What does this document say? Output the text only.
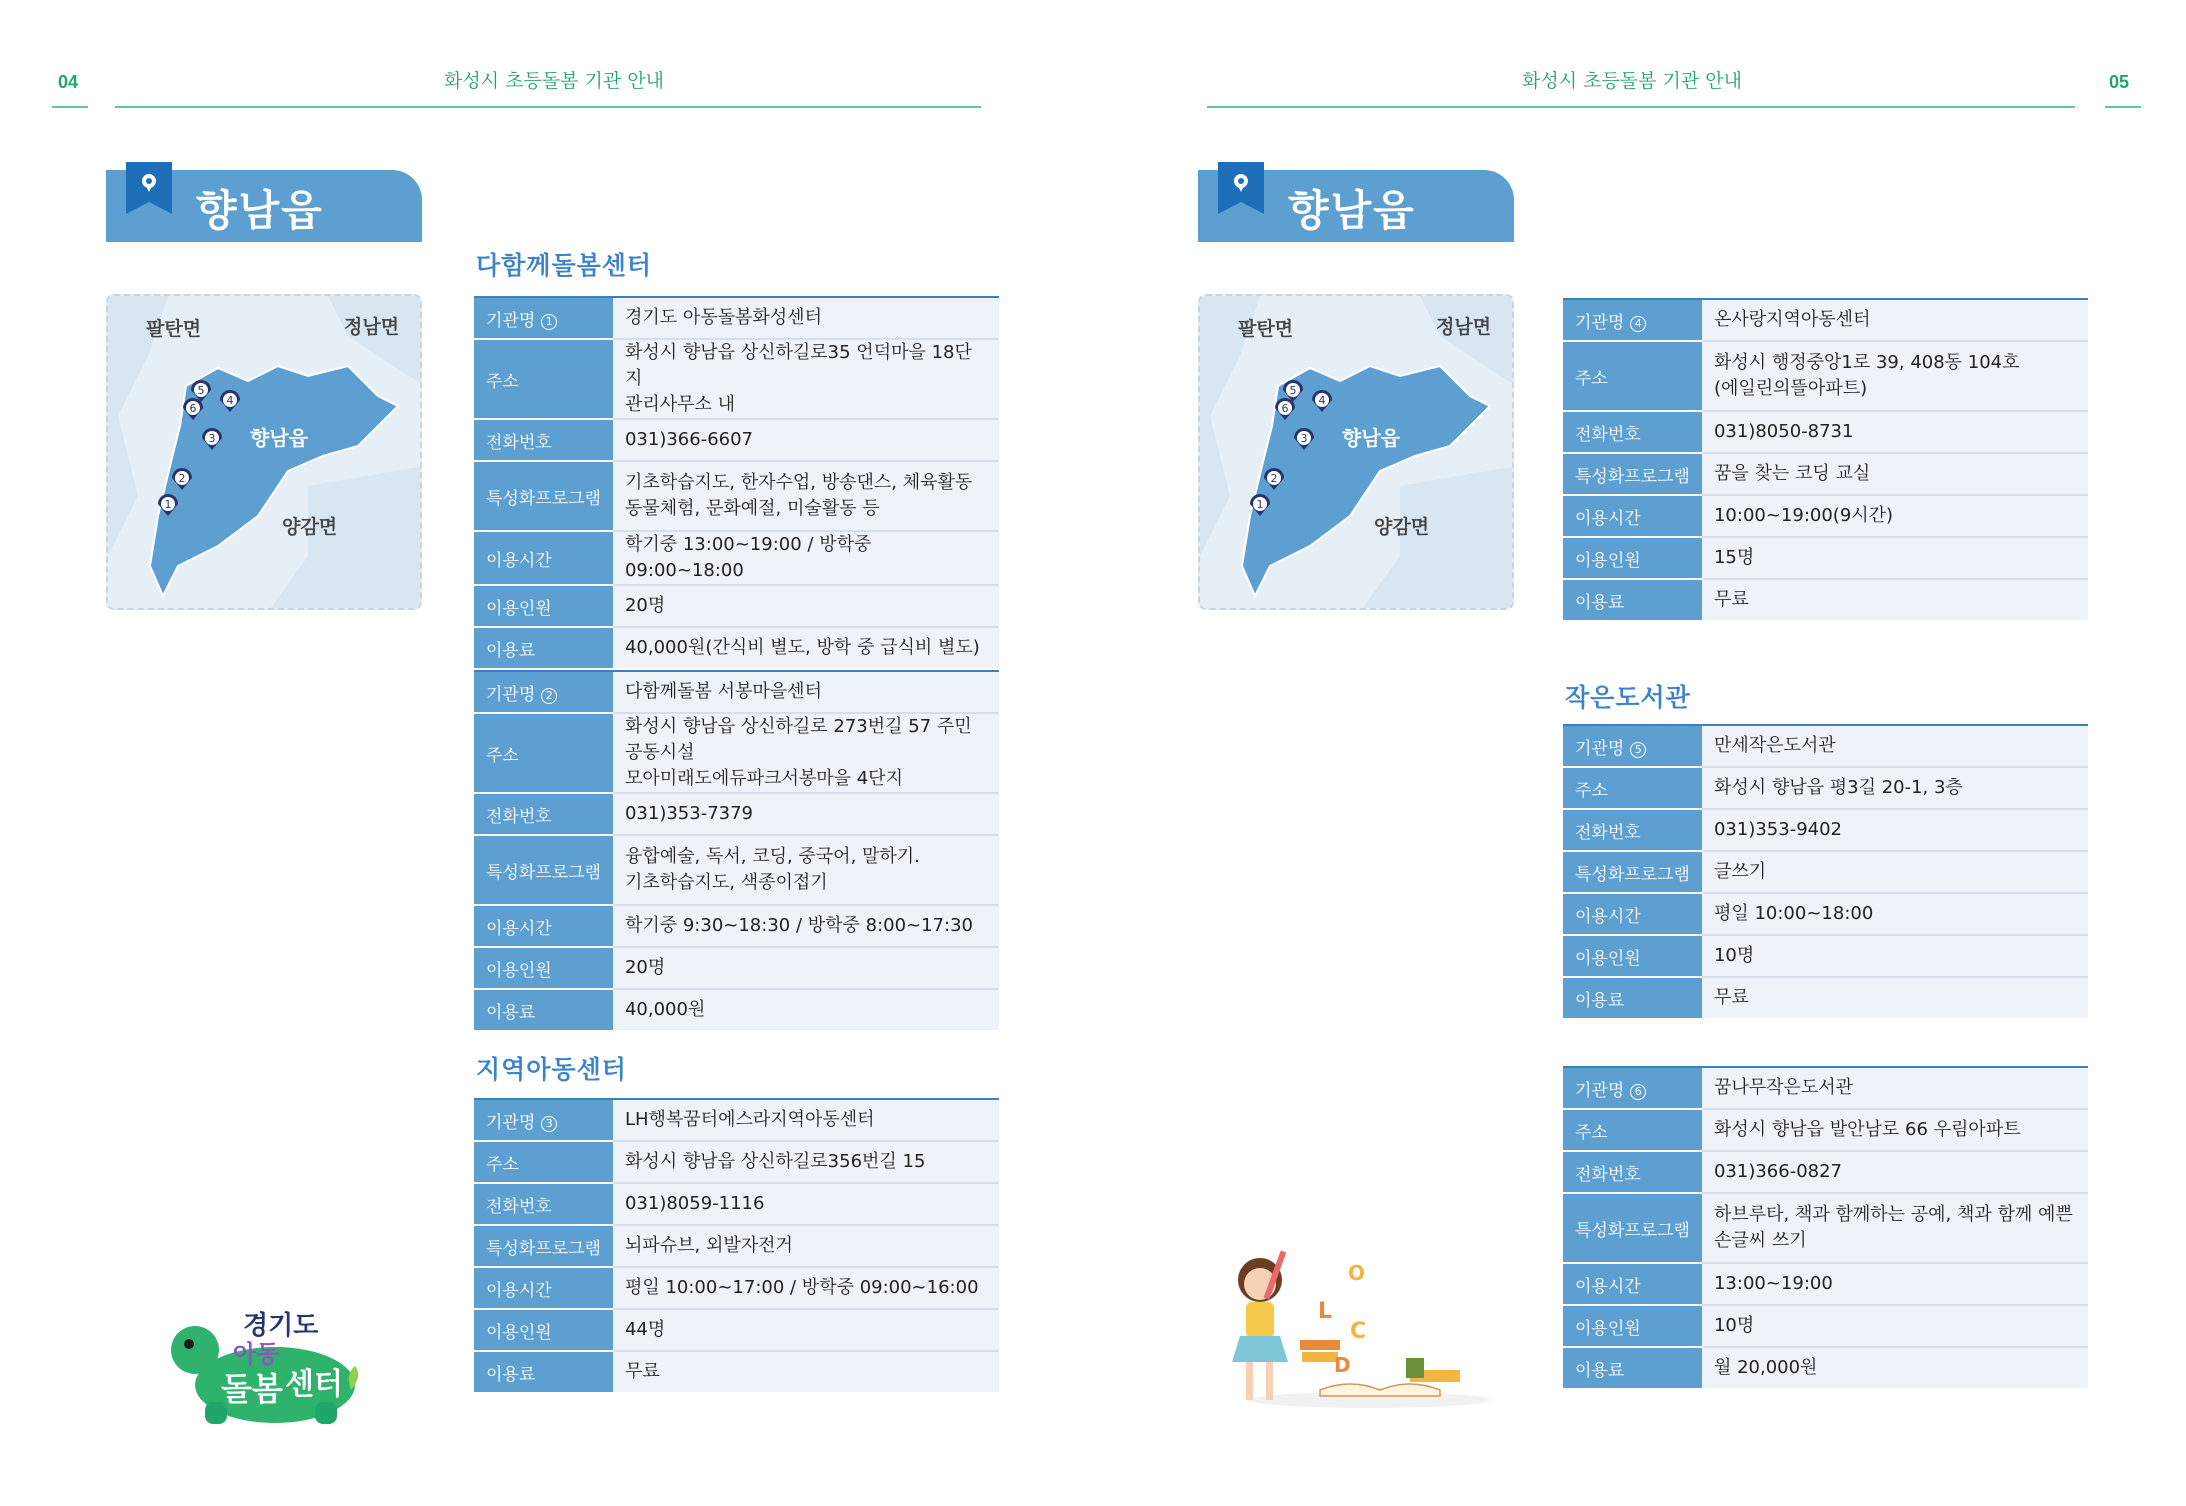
04	화성시 초등돌봄 기관 안내
향남읍
팔탄면	정남면
향남읍
양감면
1
2
3
4
5
6
다함께돌봄센터
기관명 1	경기도 아동돌봄화성센터
주소	화성시 향남읍 상신하길로35 언덕마을 18단지
관리사무소 내

전화번호	031)366-6607
특성화프로그램	기초학습지도, 한자수업, 방송댄스, 체육활동
동물체험, 문화예절, 미술활동 등

이용시간	학기중 13:00~19:00 / 방학중 09:00~18:00
이용인원	20명
이용료	40,000원(간식비 별도, 방학 중 급식비 별도)
기관명 2	다함께돌봄 서봉마을센터
주소	화성시 향남읍 상신하길로 273번길 57 주민공동시설
모아미래도에듀파크서봉마을 4단지

전화번호	031)353-7379
특성화프로그램	융합예술, 독서, 코딩, 중국어, 말하기.
기초학습지도, 색종이접기

이용시간	학기중 9:30~18:30 / 방학중 8:00~17:30
이용인원	20명
이용료	40,000원
지역아동센터
기관명 3	LH행복꿈터에스라지역아동센터
주소	화성시 향남읍 상신하길로356번길 15
전화번호	031)8059-1116
특성화프로그램	뇌파슈브, 외발자전거
이용시간	평일 10:00~17:00 / 방학중 09:00~16:00
이용인원	44명
이용료	무료
경기도
아동
돌봄 센터
화성시 초등돌봄 기관 안내	05
향남읍
팔탄면	정남면
향남읍
양감면
1
2
3
4
5
6
기관명 4	온사랑지역아동센터
주소	화성시 행정중앙1로 39, 408동 104호
(에일린의뜰아파트)

전화번호	031)8050-8731
특성화프로그램	꿈을 찾는 코딩 교실
이용시간	10:00~19:00(9시간)
이용인원	15명
이용료	무료
작은도서관
기관명 5	만세작은도서관
주소	화성시 향남읍 평3길 20-1, 3층
전화번호	031)353-9402
특성화프로그램	글쓰기
이용시간	평일 10:00~18:00
이용인원	10명
이용료	무료
기관명 6	꿈나무작은도서관
주소	화성시 향남읍 발안남로 66 우림아파트
전화번호	031)366-0827
특성화프로그램	하브루타, 책과 함께하는 공예, 책과 함께 예쁜
손글씨 쓰기

이용시간	13:00~19:00
이용인원	10명
이용료	월 20,000원
O
L
C
D
